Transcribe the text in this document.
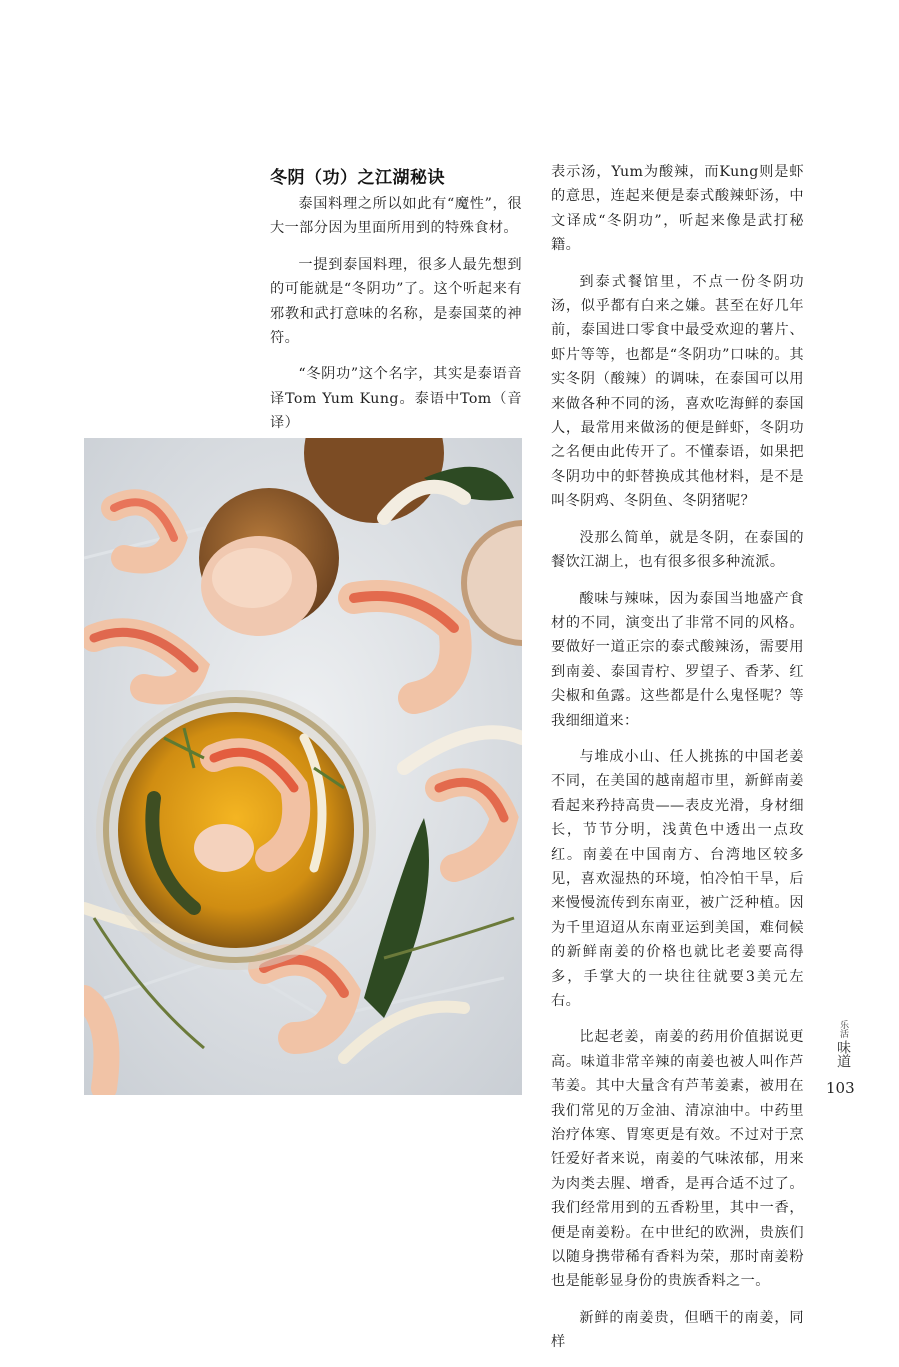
冬阴（功）之江湖秘诀

泰国料理之所以如此有“魔性”，很大一部分因为里面所用到的特殊食材。

一提到泰国料理，很多人最先想到的可能就是“冬阴功”了。这个听起来有邪教和武打意味的名称，是泰国菜的神符。

“冬阴功”这个名字，其实是泰语音译Tom Yum Kung。泰语中Tom（音译）

表示汤，Yum为酸辣，而Kung则是虾的意思，连起来便是泰式酸辣虾汤，中文译成“冬阴功”，听起来像是武打秘籍。

到泰式餐馆里，不点一份冬阴功汤，似乎都有白来之嫌。甚至在好几年前，泰国进口零食中最受欢迎的薯片、虾片等等，也都是“冬阴功”口味的。其实冬阴（酸辣）的调味，在泰国可以用来做各种不同的汤，喜欢吃海鲜的泰国人，最常用来做汤的便是鲜虾，冬阴功之名便由此传开了。不懂泰语，如果把冬阴功中的虾替换成其他材料，是不是叫冬阴鸡、冬阴鱼、冬阴猪呢？

没那么简单，就是冬阴，在泰国的餐饮江湖上，也有很多很多种流派。

酸味与辣味，因为泰国当地盛产食材的不同，演变出了非常不同的风格。要做好一道正宗的泰式酸辣汤，需要用到南姜、泰国青柠、罗望子、香茅、红尖椒和鱼露。这些都是什么鬼怪呢？等我细细道来：

与堆成小山、任人挑拣的中国老姜不同，在美国的越南超市里，新鲜南姜看起来矜持高贵——表皮光滑，身材细长，节节分明，浅黄色中透出一点玫红。南姜在中国南方、台湾地区较多见，喜欢湿热的环境，怕冷怕干旱，后来慢慢流传到东南亚，被广泛种植。因为千里迢迢从东南亚运到美国，难伺候的新鲜南姜的价格也就比老姜要高得多，手掌大的一块往往就要3美元左右。

比起老姜，南姜的药用价值据说更高。味道非常辛辣的南姜也被人叫作芦苇姜。其中大量含有芦苇姜素，被用在我们常见的万金油、清凉油中。中药里治疗体寒、胃寒更是有效。不过对于烹饪爱好者来说，南姜的气味浓郁，用来为肉类去腥、增香，是再合适不过了。我们经常用到的五香粉里，其中一香，便是南姜粉。在中世纪的欧洲，贵族们以随身携带稀有香料为荣，那时南姜粉也是能彰显身份的贵族香料之一。

新鲜的南姜贵，但晒干的南姜，同样

乐活
味道
103
